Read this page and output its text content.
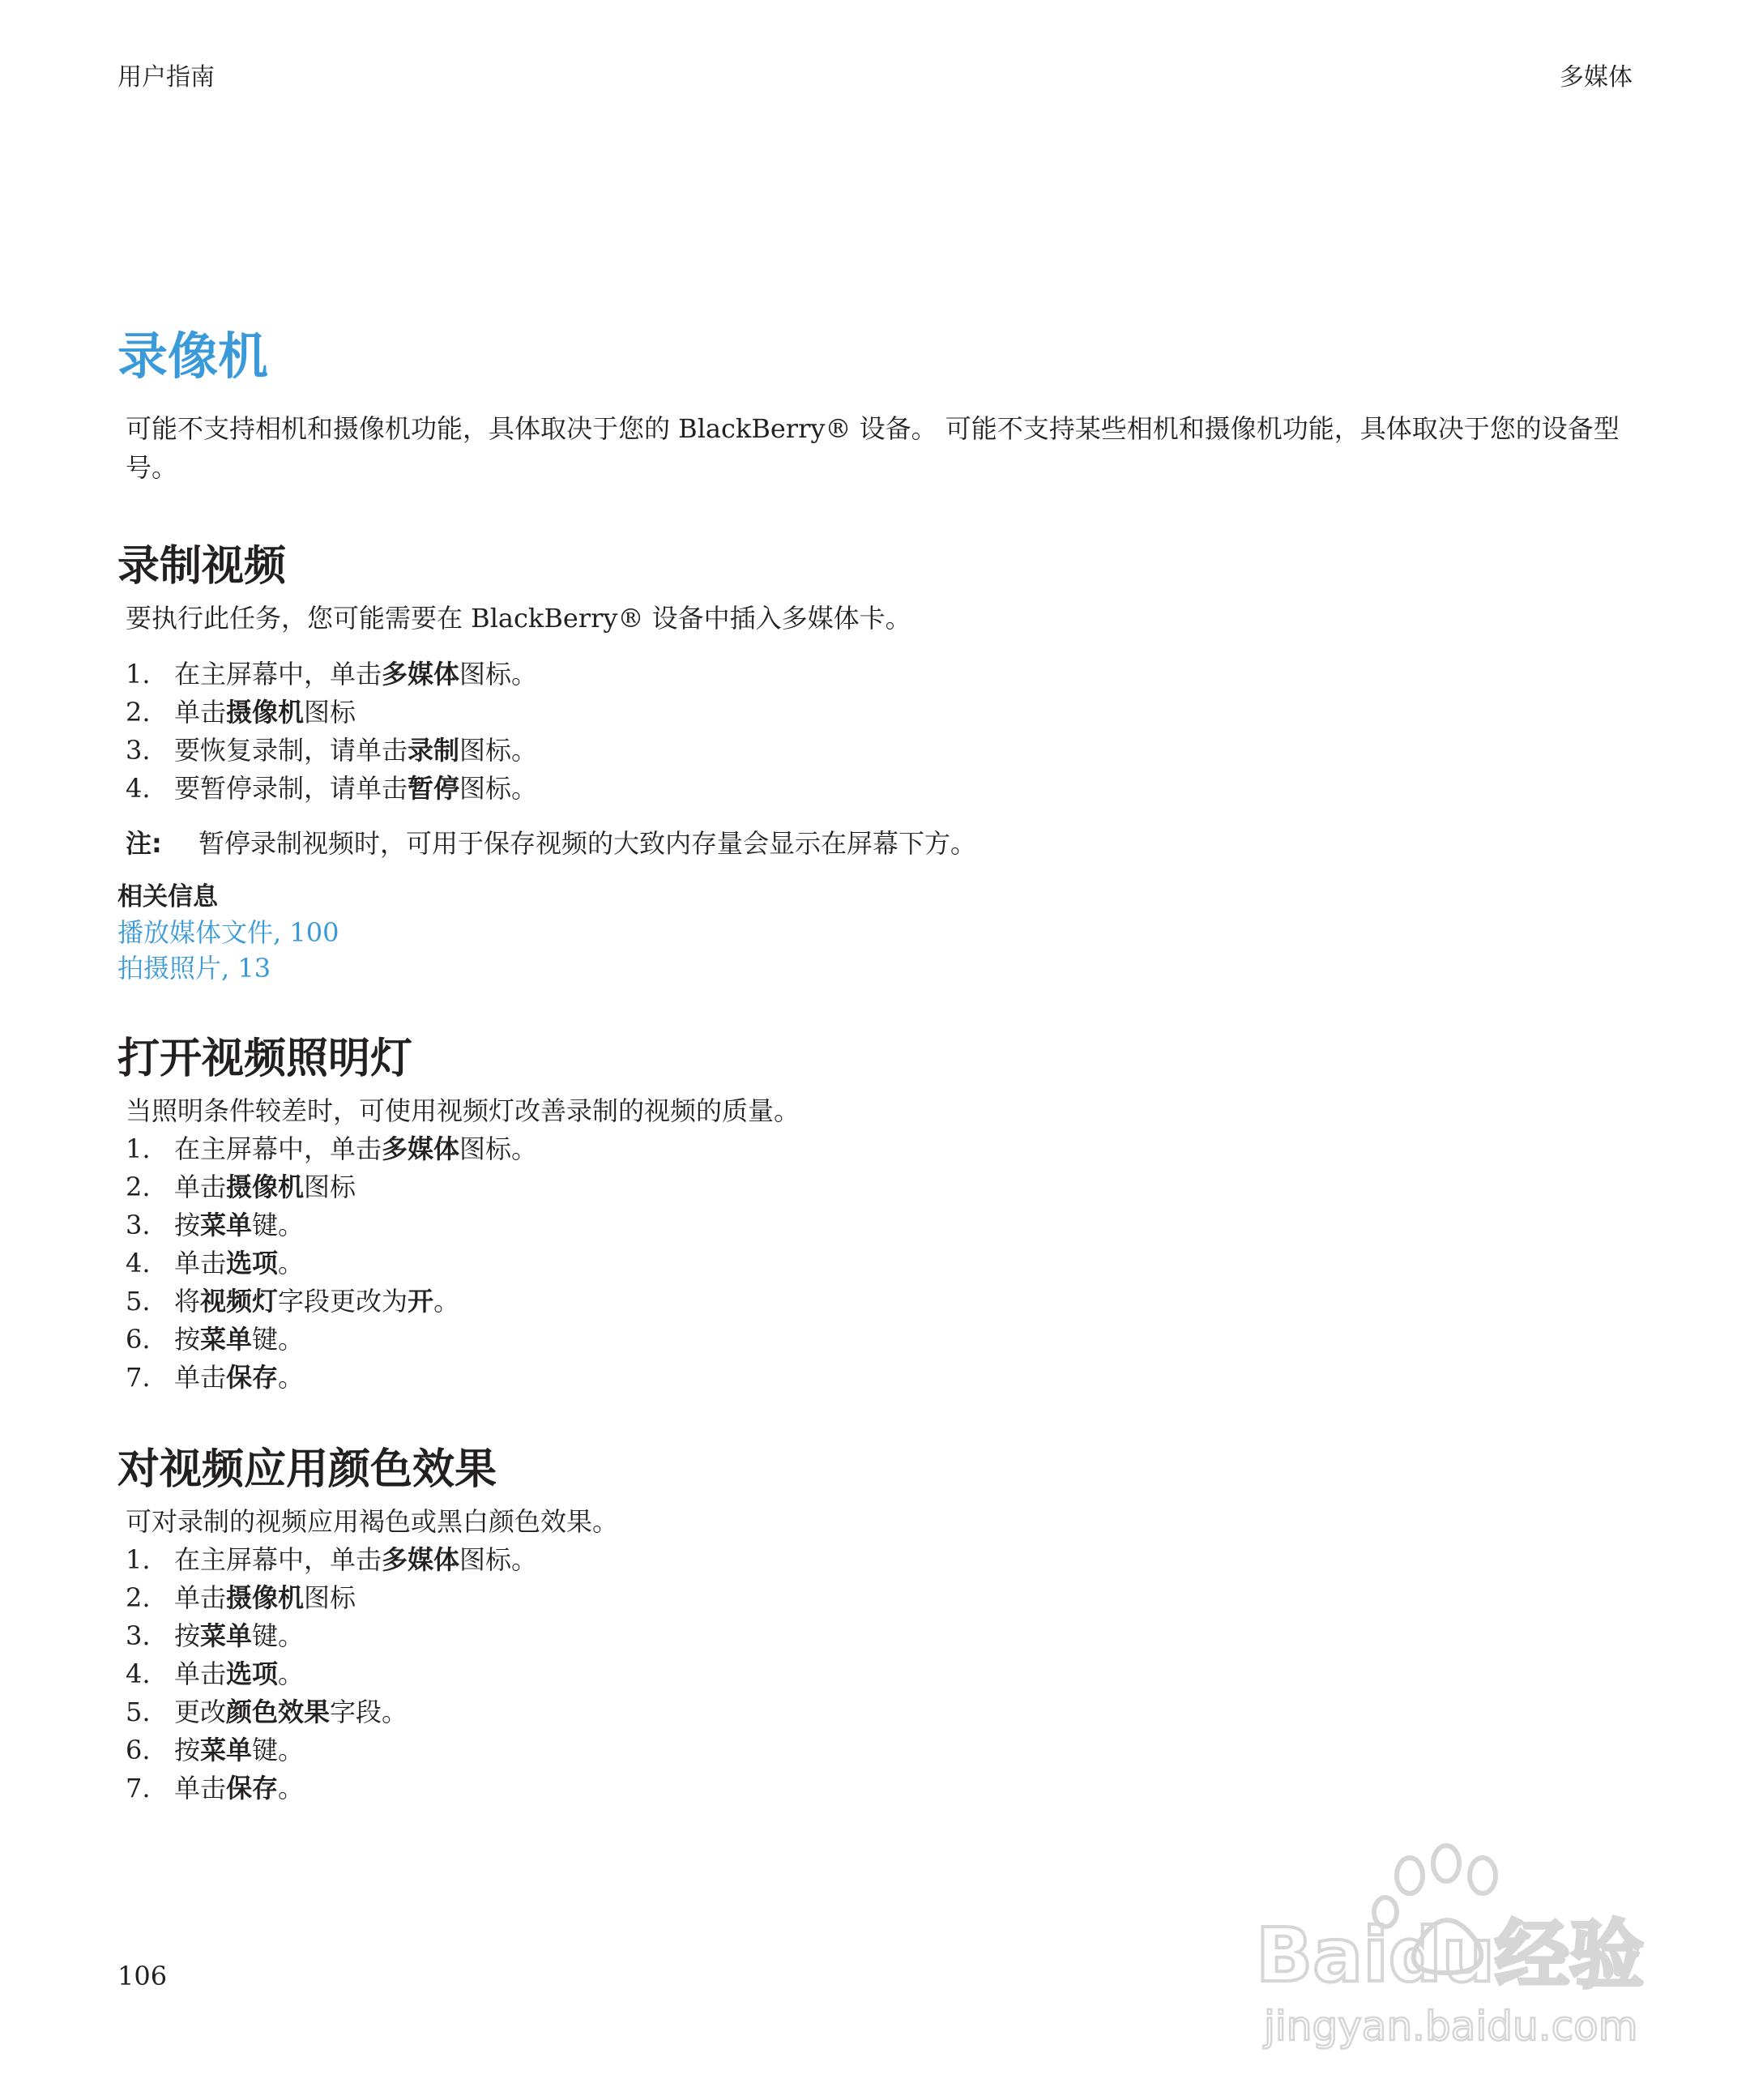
用户指南	多媒体
录像机

可能不支持相机和摄像机功能，具体取决于您的 BlackBerry® 设备。 可能不支持某些相机和摄像机功能，具体取决于您的设备型号。

录制视频

要执行此任务，您可能需要在 BlackBerry® 设备中插入多媒体卡。

1. 在主屏幕中，单击多媒体图标。
2. 单击摄像机图标
3. 要恢复录制，请单击录制图标。
4. 要暂停录制，请单击暂停图标。

注:	暂停录制视频时，可用于保存视频的大致内存量会显示在屏幕下方。

相关信息
播放媒体文件, 100
拍摄照片, 13
打开视频照明灯

当照明条件较差时，可使用视频灯改善录制的视频的质量。

1. 在主屏幕中，单击多媒体图标。
2. 单击摄像机图标
3. 按菜单键。
4. 单击选项。
5. 将视频灯字段更改为开。
6. 按菜单键。
7. 单击保存。
对视频应用颜色效果

可对录制的视频应用褐色或黑白颜色效果。

1. 在主屏幕中，单击多媒体图标。
2. 单击摄像机图标
3. 按菜单键。
4. 单击选项。
5. 更改颜色效果字段。
6. 按菜单键。
7. 单击保存。
106	Baidu经验
jingyan.baidu.com
